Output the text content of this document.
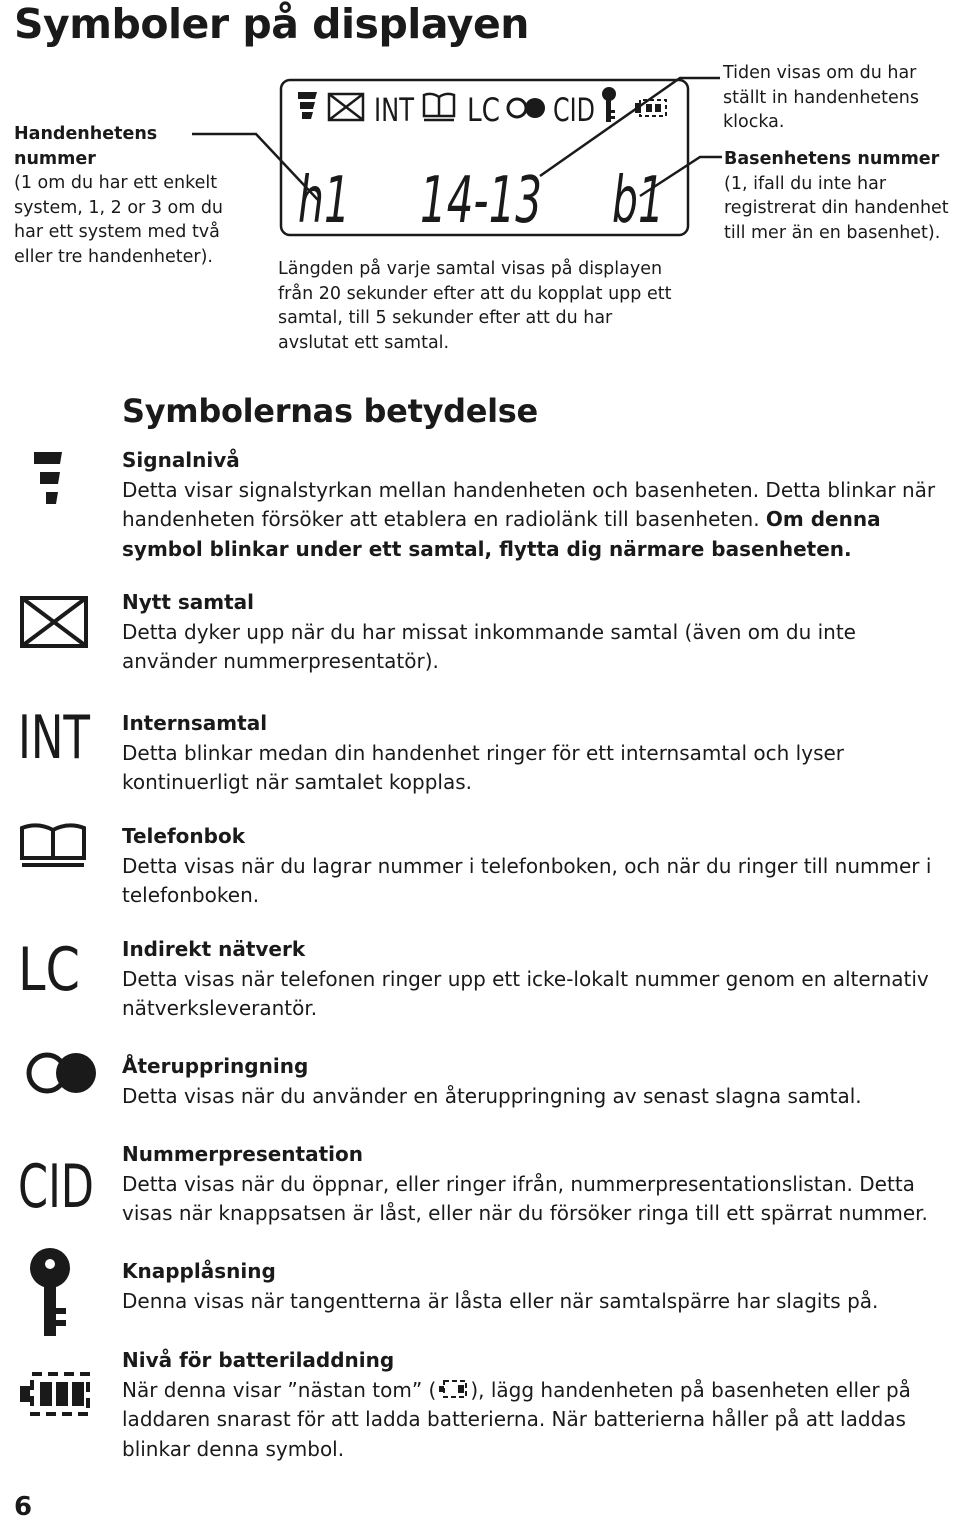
Symboler på displayen
INT LC CID
h1 14-13 b1
Handenhetens nummer
(1 om du har ett enkelt system, 1, 2 or 3 om du har ett system med två eller tre handenheter).
Tiden visas om du har ställt in handenhetens klocka.
Basenhetens nummer
(1, ifall du inte har registrerat din handenhet till mer än en basenhet).
Längden på varje samtal visas på displayen från 20 sekunder efter att du kopplat upp ett samtal, till 5 sekunder efter att du har avslutat ett samtal.
Symbolernas betydelse
INT
LC
CID
Signalnivå
Detta visar signalstyrkan mellan handenheten och basenheten. Detta blinkar när handenheten försöker att etablera en radiolänk till basenheten. Om denna symbol blinkar under ett samtal, flytta dig närmare basenheten.
Nytt samtal
Detta dyker upp när du har missat inkommande samtal (även om du inte använder nummerpresentatör).
Internsamtal
Detta blinkar medan din handenhet ringer för ett internsamtal och lyser kontinuerligt när samtalet kopplas.
Telefonbok
Detta visas när du lagrar nummer i telefonboken, och när du ringer till nummer i telefonboken.
Indirekt nätverk
Detta visas när telefonen ringer upp ett icke-lokalt nummer genom en alternativ nätverksleverantör.
Återuppringning
Detta visas när du använder en återuppringning av senast slagna samtal.
Nummerpresentation
Detta visas när du öppnar, eller ringer ifrån, nummerpresentationslistan. Detta visas när knappsatsen är låst, eller när du försöker ringa till ett spärrat nummer.
Knapplåsning
Denna visas när tangentterna är låsta eller när samtalspärre har slagits på.
Nivå för batteriladdning
När denna visar ”nästan tom” ( ), lägg handenheten på basenheten eller på laddaren snarast för att ladda batterierna. När batterierna håller på att laddas blinkar denna symbol.
6
